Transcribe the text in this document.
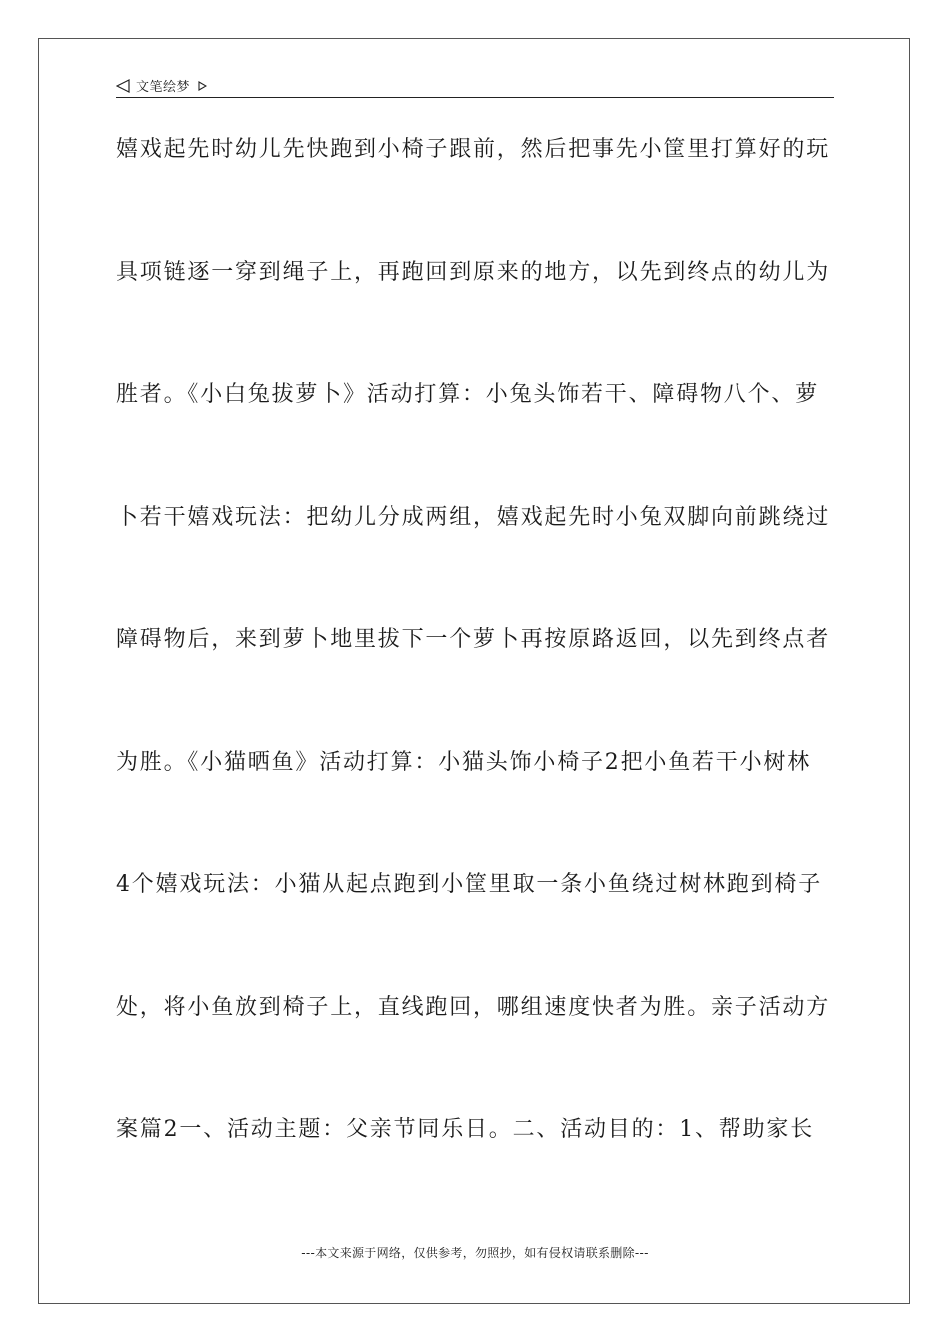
文笔绘梦
嬉戏起先时幼儿先快跑到小椅子跟前，然后把事先小筐里打算好的玩
具项链逐一穿到绳子上，再跑回到原来的地方，以先到终点的幼儿为
胜者。《小白兔拔萝卜》活动打算：小兔头饰若干、障碍物八个、萝
卜若干嬉戏玩法：把幼儿分成两组，嬉戏起先时小兔双脚向前跳绕过
障碍物后，来到萝卜地里拔下一个萝卜再按原路返回，以先到终点者
为胜。《小猫晒鱼》活动打算：小猫头饰小椅子2把小鱼若干小树林
4个嬉戏玩法：小猫从起点跑到小筐里取一条小鱼绕过树林跑到椅子
处，将小鱼放到椅子上，直线跑回，哪组速度快者为胜。亲子活动方
案篇2一、活动主题：父亲节同乐日。二、活动目的：1、帮助家长
---本文来源于网络，仅供参考，勿照抄，如有侵权请联系删除---
